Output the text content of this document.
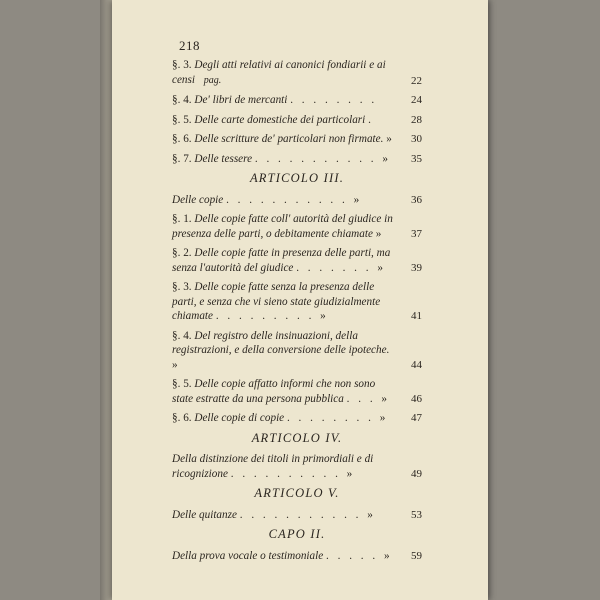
218
§. 3. Degli atti relativi ai canonici fondiarii e ai censi pag.	22
§. 4. De' libri de mercanti . . . . . . . .	24
§. 5. Delle carte domestiche dei particolari .	28
§. 6. Delle scritture de' particolari non firmate. » 30
§. 7. Delle tessere . . . . . . . . . . . » 35
ARTICOLO III.
Delle copie . . . . . . . . . . . »	36
§. 1. Delle copie fatte coll' autorità del giudice in presenza delle parti, o debitamente chiamate » 37
§. 2. Delle copie fatte in presenza delle parti, ma senza l'autorità del giudice . . . . . . . » 39
§. 3. Delle copie fatte senza la presenza delle parti, e senza che vi sieno state giudizialmente chiamate . . . . . . . . . »	41
§. 4. Del registro delle insinuazioni, della registrazioni, e della conversione delle ipoteche. »	44
§. 5. Delle copie affatto informi che non sono state estratte da una persona pubblica . . . » 46
§. 6. Delle copie di copie . . . . . . . . » 47
ARTICOLO IV.
Della distinzione dei titoli in primordiali e di ricognizione . . . . . . . . . . »	49
ARTICOLO V.
Delle quitanze . . . . . . . . . . . »	53
CAPO II.
Della prova vocale o testimoniale . . . . . » 59
